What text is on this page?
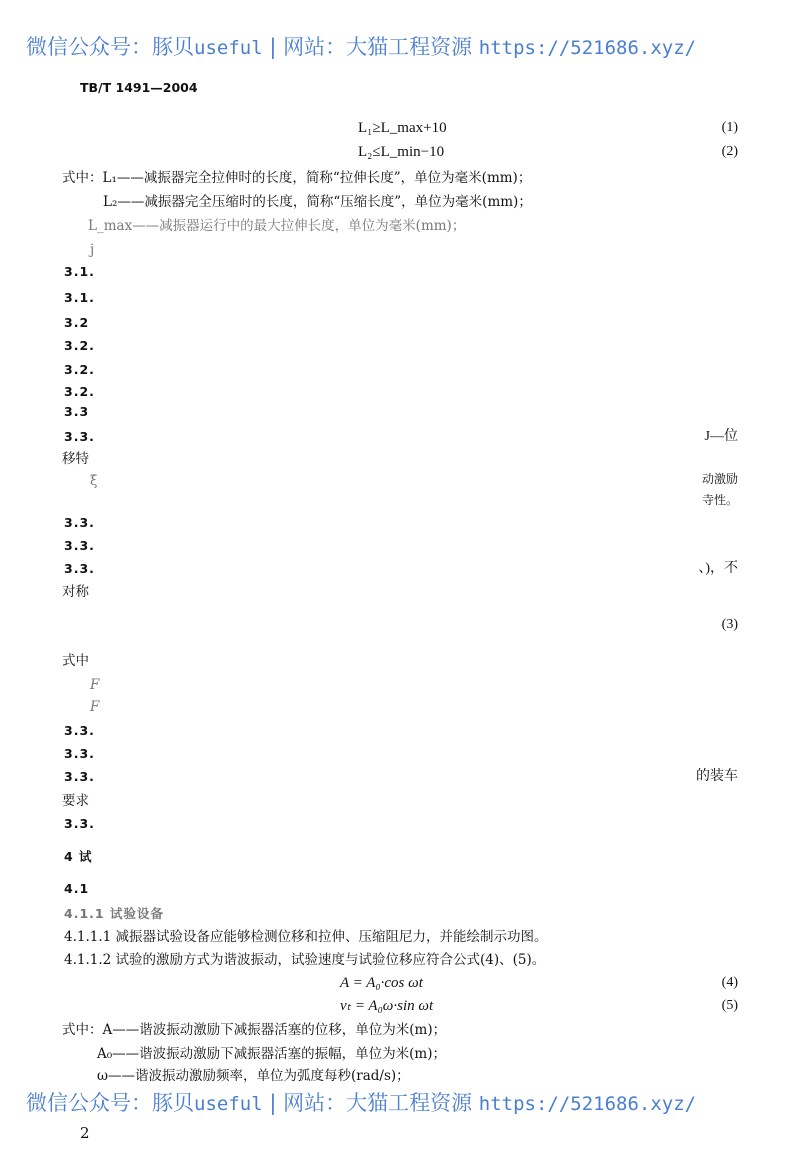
微信公众号：豚贝useful | 网站：大猫工程资源 https://521686.xyz/
TB/T 1491—2004
L₁≥L_max+10	(1)
L₂≤L_min−10	(2)
式中：L₁——减振器完全拉伸时的长度，简称“拉伸长度”，单位为毫米(mm)；
L₂——减振器完全压缩时的长度，简称“压缩长度”，单位为毫米(mm)；
L_max——减振器运行中的最大拉伸长度，单位为毫米(mm)；
j
3.1.
3.1.
3.2
3.2.
3.2.
3.2.
3.3
3.3.	J—位
移特
ξ	动激励
寺性。
3.3.
3.3.
3.3.	、)，不
对称
(3)
式中
F
F
3.3.
3.3.
3.3.	的装车
要求
3.3.
4 试
4.1
4.1.1 试验设备
4.1.1.1 减振器试验设备应能够检测位移和拉伸、压缩阻尼力，并能绘制示功图。
4.1.1.2 试验的激励方式为谐波振动，试验速度与试验位移应符合公式(4)、(5)。
A = A₀·cos ωt	(4)
vₜ = A₀ω·sin ωt	(5)
式中：A——谐波振动激励下减振器活塞的位移，单位为米(m)；
A₀——谐波振动激励下减振器活塞的振幅，单位为米(m)；
ω——谐波振动激励频率，单位为弧度每秒(rad/s)；
微信公众号：豚贝useful | 网站：大猫工程资源 https://521686.xyz/
2
